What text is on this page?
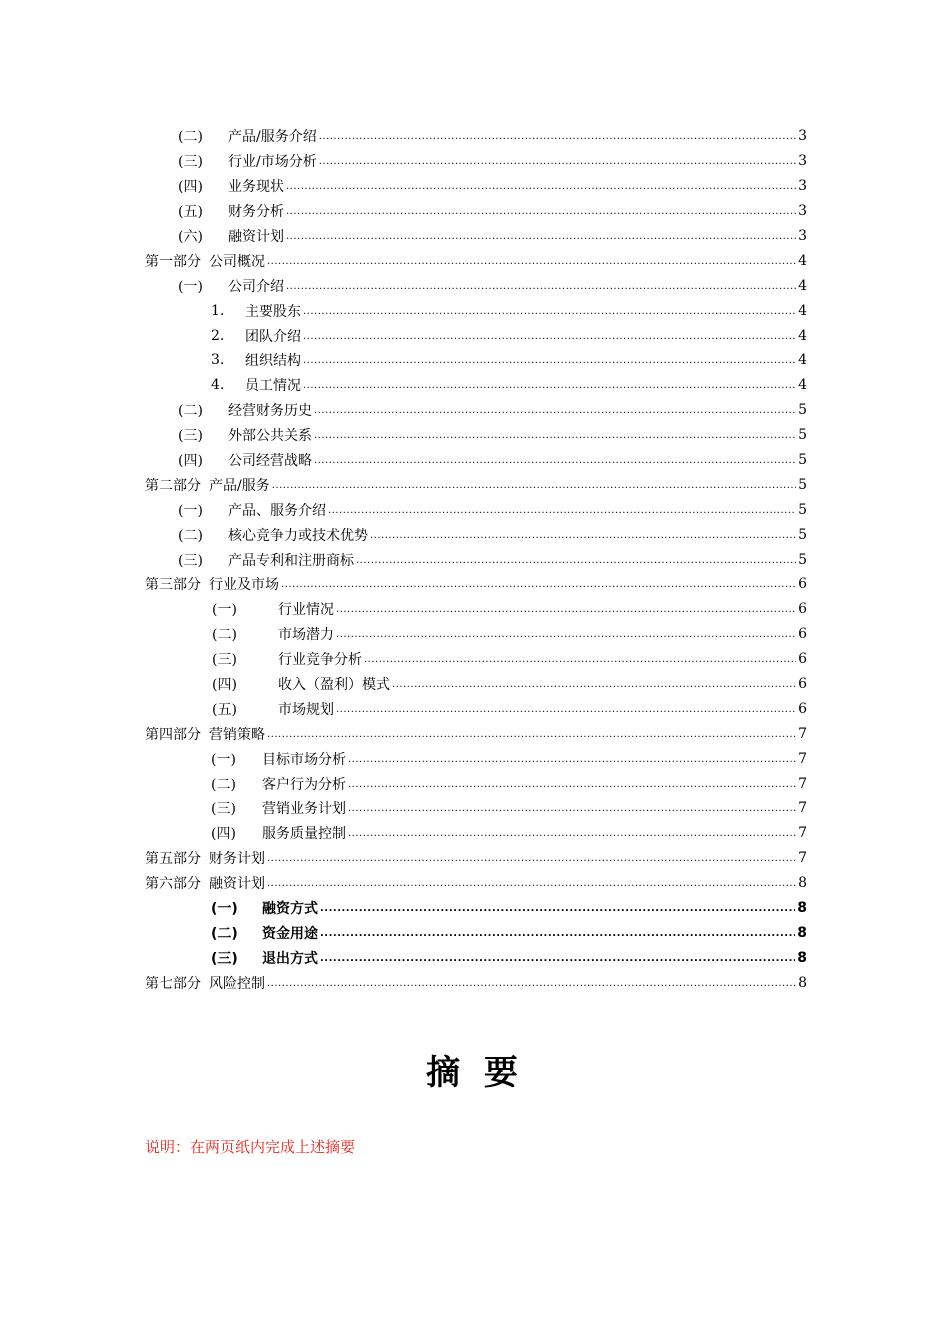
(二)	产品/服务介绍 .....	3
(三)	行业/市场分析 .....	3
(四)	业务现状 .....	3
(五)	财务分析 .....	3
(六)	融资计划 .....	3
第一部分 公司概况 .....	4
(一)	公司介绍 .....	4
1.	主要股东 .....	4
2.	团队介绍 .....	4
3.	组织结构 .....	4
4.	员工情况 .....	4
(二)	经营财务历史 .....	5
(三)	外部公共关系 .....	5
(四)	公司经营战略 .....	5
第二部分 产品/服务 .....	5
(一)	产品、服务介绍 .....	5
(二)	核心竞争力或技术优势 .....	5
(三)	产品专利和注册商标 .....	5
第三部分 行业及市场 .....	6
(一)	行业情况 .....	6
(二)	市场潜力 .....	6
(三)	行业竞争分析 .....	6
(四)	收入（盈利）模式 .....	6
(五)	市场规划 .....	6
第四部分 营销策略 .....	7
(一)	目标市场分析 .....	7
(二)	客户行为分析 .....	7
(三)	营销业务计划 .....	7
(四)	服务质量控制 .....	7
第五部分 财务计划 .....	7
第六部分 融资计划 .....	8
(一)	融资方式 .....	8
(二)	资金用途 .....	8
(三)	退出方式 .....	8
第七部分 风险控制 .....	8
摘 要
说明：在两页纸内完成上述摘要
